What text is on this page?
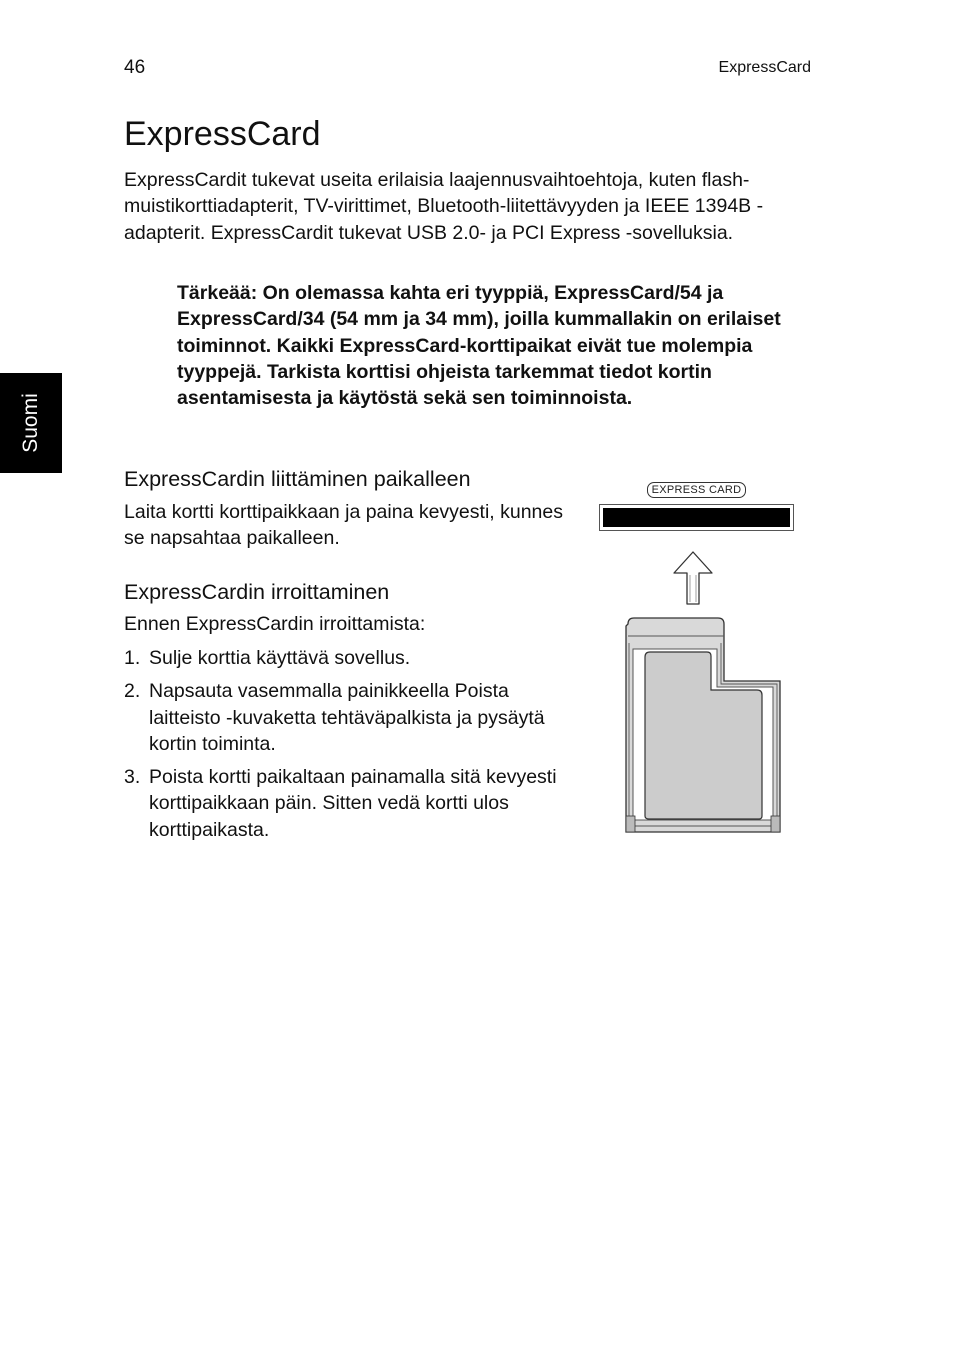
46	ExpressCard
Suomi
ExpressCard
ExpressCardit tukevat useita erilaisia laajennusvaihtoehtoja, kuten flash-muistikorttiadapterit, TV-virittimet, Bluetooth-liitettävyyden ja IEEE 1394B -adapterit. ExpressCardit tukevat USB 2.0- ja PCI Express -sovelluksia.
Tärkeää: On olemassa kahta eri tyyppiä, ExpressCard/54 ja ExpressCard/34 (54 mm ja 34 mm), joilla kummallakin on erilaiset toiminnot. Kaikki ExpressCard-korttipaikat eivät tue molempia tyyppejä. Tarkista korttisi ohjeista tarkemmat tiedot kortin asentamisesta ja käytöstä sekä sen toiminnoista.
ExpressCardin liittäminen paikalleen
Laita kortti korttipaikkaan ja paina kevyesti, kunnes se napsahtaa paikalleen.
ExpressCardin irroittaminen
Ennen ExpressCardin irroittamista:
1. Sulje korttia käyttävä sovellus.
2. Napsauta vasemmalla painikkeella Poista laitteisto -kuvaketta tehtäväpalkista ja pysäytä kortin toiminta.
3. Poista kortti paikaltaan painamalla sitä kevyesti korttipaikkaan päin. Sitten vedä kortti ulos korttipaikasta.
EXPRESS CARD
